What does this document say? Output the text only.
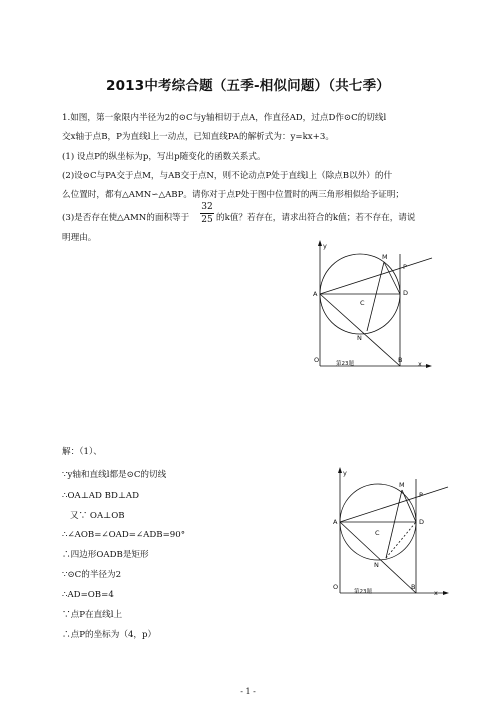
2013中考综合题（五季-相似问题）（共七季）
1.如图，第一象限内半径为2的⊙C与y轴相切于点A，作直径AD，过点D作⊙C的切线l
交x轴于点B，P为直线l上一动点，已知直线PA的解析式为：y=kx+3。
(1) 设点P的纵坐标为p，写出p随变化的函数关系式。
(2)设⊙C与PA交于点M，与AB交于点N，则不论动点P处于直线l上（除点B以外）的什
么位置时，都有△AMN∽△ABP。请你对于点P处于图中位置时的两三角形相似给予证明；
(3)是否存在使△AMN的面积等于 $\frac{32}{25}$ 的k值？若存在，请求出符合的k值；若不存在，请说
明理由。
y
M
P
A	D
C
N
O	B x
第23题
解：（1）、
∵y轴和直线l都是⊙C的切线
∴OA⊥AD BD⊥AD
又∵ OA⊥OB
∴∠AOB=∠OAD=∠ADB=90°
∴四边形OADB是矩形
∵⊙C的半径为2
∴AD=OB=4
∵点P在直线l上
∴点P的坐标为（4，p）
y
M
P
A	D
C
N
O	B
x
第23题
- 1 -
